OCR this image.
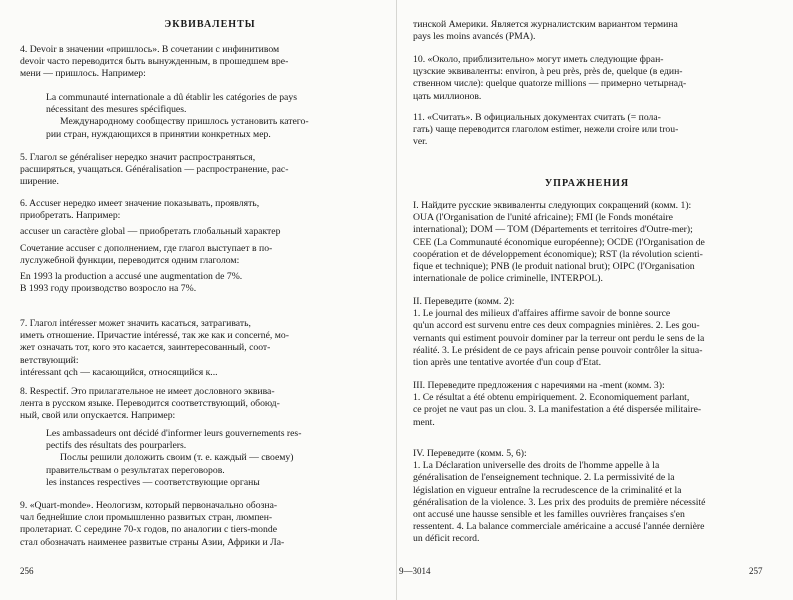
ЭКВИВАЛЕНТЫ
4. Devoir в значении «пришлось». В сочетании с инфинитивом
devoir часто переводится быть вынужденным, в прошедшем вре-
мени — пришлось. Например:
La communauté internationale a dû établir les catégories de pays
nécessitant des mesures spécifiques.
Международному сообществу пришлось установить катего-
рии стран, нуждающихся в принятии конкретных мер.
5. Глагол se généraliser нередко значит распространяться,
расширяться, учащаться. Généralisation — распространение, рас-
ширение.
6. Accuser нередко имеет значение показывать, проявлять,
приобретать. Например:
accuser un caractère global — приобретать глобальный характер
Сочетание accuser с дополнением, где глагол выступает в по-
луслужебной функции, переводится одним глаголом:
En 1993 la production a accusé une augmentation de 7%.
В 1993 году производство возросло на 7%.
7. Глагол intéresser может значить касаться, затрагивать,
иметь отношение. Причастие intéressé, так же как и concerné, мо-
жет означать тот, кого это касается, заинтересованный, соот-
ветствующий:
intéressant qch — касающийся, относящийся к...
8. Respectif. Это прилагательное не имеет дословного эквива-
лента в русском языке. Переводится соответствующий, обоюд-
ный, свой или опускается. Например:
Les ambassadeurs ont décidé d'informer leurs gouvernements res-
pectifs des résultats des pourparlers.
Послы решили доложить своим (т. е. каждый — своему)
правительствам о результатах переговоров.
les instances respectives — соответствующие органы
9. «Quart-monde». Неологизм, который первоначально обозна-
чал беднейшие слои промышленно развитых стран, люмпен-
пролетариат. С середине 70-х годов, по аналогии с tiers-monde
стал обозначать наименее развитые страны Азии, Африки и Ла-
256
тинской Америки. Является журналистским вариантом термина
pays les moins avancés (PMA).
10. «Около, приблизительно» могут иметь следующие фран-
цузские эквиваленты: environ, à peu près, près de, quelque (в един-
ственном числе): quelque quatorze millions — примерно четырнад-
цать миллионов.
11. «Считать». В официальных документах считать (= пола-
гать) чаще переводится глаголом estimer, нежели croire или trou-
ver.
УПРАЖНЕНИЯ
I. Найдите русские эквиваленты следующих сокращений (комм. 1):
OUA (l'Organisation de l'unité africaine); FMI (le Fonds monétaire
international); DOM — TOM (Départements et territoires d'Outre-mer);
CEE (La Communauté économique européenne); OCDE (l'Organisation de
coopération et de développement économique); RST (la révolution scienti-
fique et technique); PNB (le produit national brut); OIPC (l'Organisation
internationale de police criminelle, INTERPOL).
II. Переведите (комм. 2):
1. Le journal des milieux d'affaires affirme savoir de bonne source
qu'un accord est survenu entre ces deux compagnies minières. 2. Les gou-
vernants qui estiment pouvoir dominer par la terreur ont perdu le sens de la
réalité. 3. Le président de ce pays africain pense pouvoir contrôler la situa-
tion après une tentative avortée d'un coup d'Etat.
III. Переведите предложения с наречиями на -ment (комм. 3):
1. Ce résultat a été obtenu empiriquement. 2. Economiquement parlant,
ce projet ne vaut pas un clou. 3. La manifestation a été dispersée militaire-
ment.
IV. Переведите (комм. 5, 6):
1. La Déclaration universelle des droits de l'homme appelle à la
généralisation de l'enseignement technique. 2. La permissivité de la
législation en vigueur entraîne la recrudescence de la criminalité et la
généralisation de la violence. 3. Les prix des produits de première nécessité
ont accusé une hausse sensible et les familles ouvrières françaises s'en
ressentent. 4. La balance commerciale américaine a accusé l'année dernière
un déficit record.
9—3014	257
